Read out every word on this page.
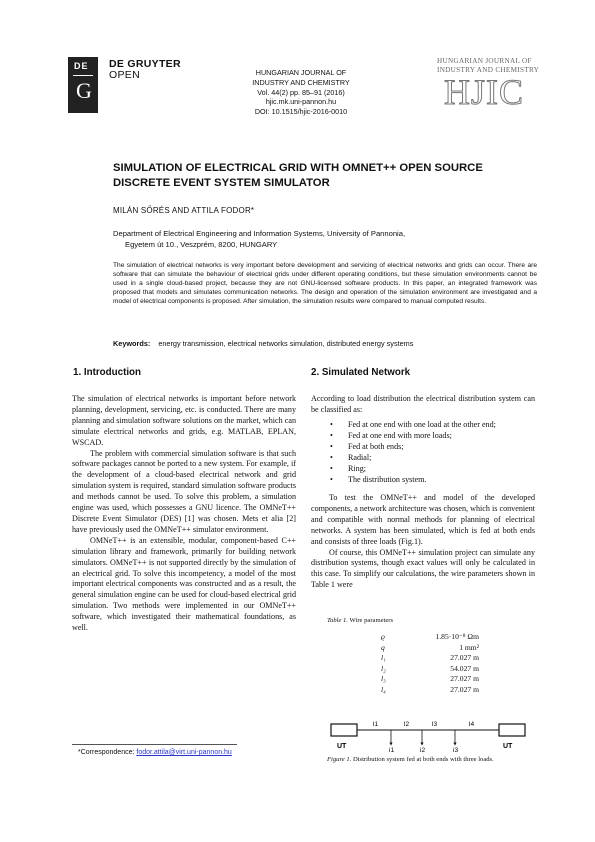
DE
G
DE GRUYTER
OPEN	HUNGARIAN JOURNAL OF
INDUSTRY AND CHEMISTRY
Vol. 44(2) pp. 85–91 (2016)
hjic.mk.uni-pannon.hu
DOI: 10.1515/hjic-2016-0010
HUNGARIAN JOURNAL OF
INDUSTRY AND CHEMISTRY
HJIC
SIMULATION OF ELECTRICAL GRID WITH OMNET++ OPEN SOURCE
DISCRETE EVENT SYSTEM SIMULATOR
MILÁN SŐRÉS AND ATTILA FODOR*
Department of Electrical Engineering and Information Systems, University of Pannonia,
Egyetem út 10., Veszprém, 8200, HUNGARY
The simulation of electrical networks is very important before development and servicing of electrical networks and grids can occur. There are software that can simulate the behaviour of electrical grids under different operating conditions, but these simulation environments cannot be used in a single cloud-based project, because they are not GNU-licensed software products. In this paper, an integrated framework was proposed that models and simulates communication networks. The design and operation of the simulation environment are investigated and a model of electrical components is proposed. After simulation, the simulation results were compared to manual computed results.
Keywords: energy transmission, electrical networks simulation, distributed energy systems
1. Introduction

The simulation of electrical networks is important before network planning, development, servicing, etc. is conducted. There are many planning and simulation software solutions on the market, which can simulate electrical networks and grids, e.g. MATLAB, EPLAN, WSCAD.

The problem with commercial simulation software is that such software packages cannot be ported to a new system. For example, if the development of a cloud-based electrical network and grid simulation system is required, standard simulation software products and methods cannot be used. To solve this problem, a simulation engine was used, which possesses a GNU licence. The OMNeT++ Discrete Event Simulator (DES) [1] was chosen. Mets et alia [2] have previously used the OMNeT++ simulator environment.

OMNeT++ is an extensible, modular, component-based C++ simulation library and framework, primarily for building network simulators. OMNeT++ is not supported directly by the simulation of an electrical grid. To solve this incompetency, a model of the most important electrical components was constructed and as a result, the general simulation engine can be used for cloud-based electrical grid simulation. Two methods were implemented in our OMNeT++ software, which investigated their mathematical foundations, as well.

2. Simulated Network

According to load distribution the electrical distribution system can be classified as:

• Fed at one end with one load at the other end;
• Fed at one end with more loads;
• Fed at both ends;
• Radial;
• Ring;
• The distribution system.

To test the OMNeT++ and model of the developed components, a network architecture was chosen, which is convenient and compatible with normal methods for planning of electrical networks. A system has been simulated, which is fed at both ends and consists of three loads (Fig.1).

Of course, this OMNeT++ simulation project can simulate any distribution systems, though exact values will only be calculated in this case. To simplify our calculations, the wire parameters shown in Table 1 were

Table 1. Wire parameters
ϱ	1.85·10⁻⁸ Ωm
q	1 mm²
l₁	27.027 m
l₂	54.027 m
l₃	27.027 m
l₄	27.027 m
UT	UT
l1	l2	l3	l4
i1	i2	i3
Figure 1. Distribution system fed at both ends with three loads.
*Correspondence: fodor.attila@virt.uni-pannon.hu
